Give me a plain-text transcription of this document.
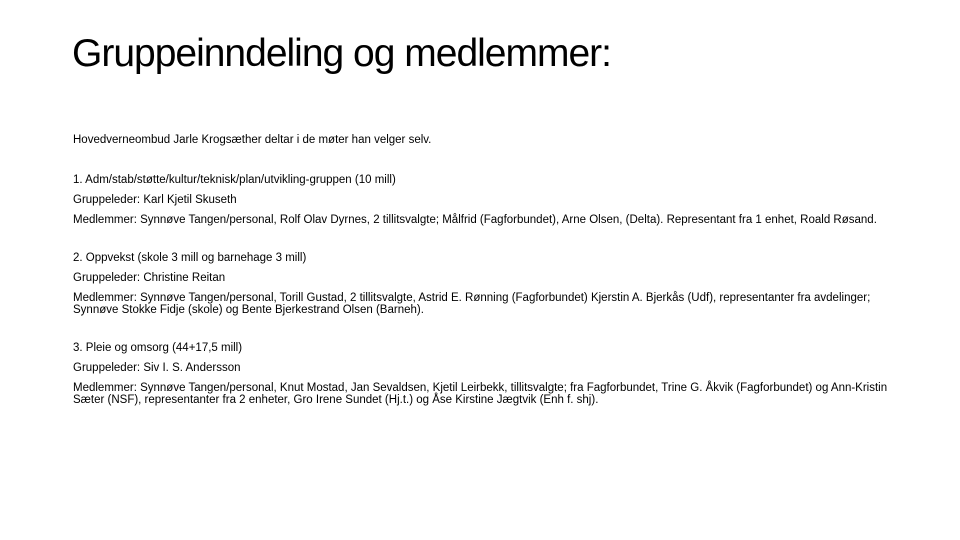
Gruppeinndeling og medlemmer:

Hovedverneombud Jarle Krogsæther deltar i de møter han velger selv.

1. Adm/stab/støtte/kultur/teknisk/plan/utvikling-gruppen (10 mill)

Gruppeleder: Karl Kjetil Skuseth

Medlemmer: Synnøve Tangen/personal, Rolf Olav Dyrnes, 2 tillitsvalgte; Målfrid (Fagforbundet), Arne Olsen, (Delta). Representant fra 1 enhet, Roald Røsand.

2. Oppvekst (skole 3 mill og barnehage 3 mill)

Gruppeleder: Christine Reitan

Medlemmer: Synnøve Tangen/personal, Torill Gustad, 2 tillitsvalgte, Astrid E. Rønning (Fagforbundet) Kjerstin A. Bjerkås (Udf), representanter fra avdelinger; Synnøve Stokke Fidje (skole) og Bente Bjerkestrand Olsen (Barneh).

3. Pleie og omsorg (44+17,5 mill)

Gruppeleder: Siv I. S. Andersson

Medlemmer: Synnøve Tangen/personal, Knut Mostad, Jan Sevaldsen, Kjetil Leirbekk, tillitsvalgte; fra Fagforbundet, Trine G. Åkvik (Fagforbundet) og Ann-Kristin Sæter (NSF), representanter fra 2 enheter, Gro Irene Sundet (Hj.t.) og Åse Kirstine Jægtvik (Enh f. shj).
